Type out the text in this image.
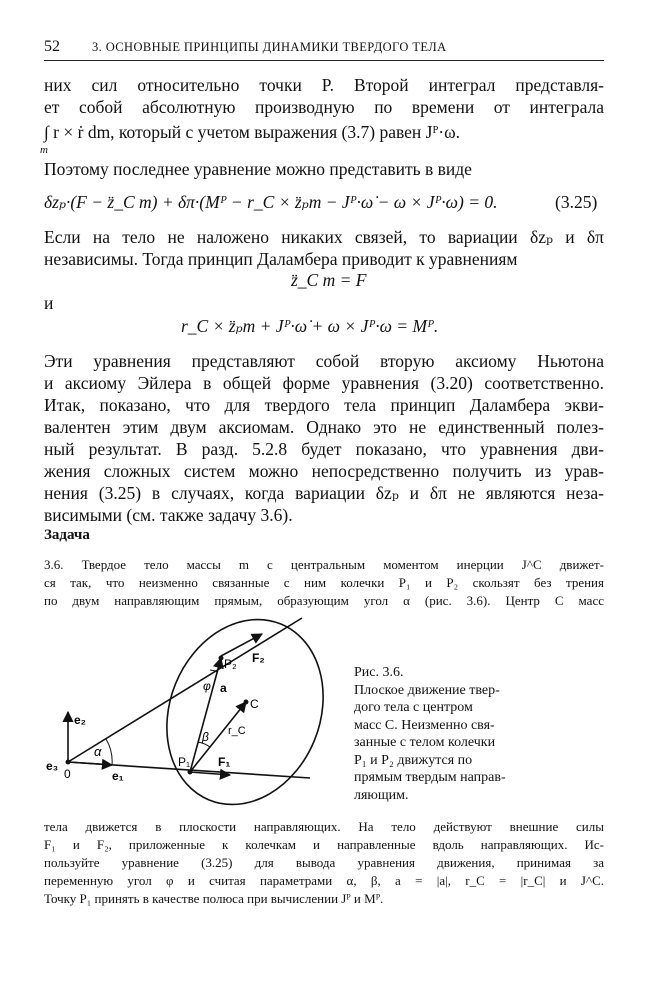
52	3. ОСНОВНЫЕ ПРИНЦИПЫ ДИНАМИКИ ТВЕРДОГО ТЕЛА
них сил относительно точки P. Второй интеграл представля-
ет собой абсолютную производную по времени от интеграла
∫ r × ṙ dm, который с учетом выражения (3.7) равен Jᴾ·ω.
m
Поэтому последнее уравнение можно представить в виде
δzₚ·(F − z̈_C m) + δπ·(Mᴾ − r_C × z̈ₚm − Jᴾ·ω̇ − ω × Jᴾ·ω) = 0.	(3.25)
Если на тело не наложено никаких связей, то вариации δzₚ и δπ
независимы. Тогда принцип Даламбера приводит к уравнениям
z̈_C m = F
и
r_C × z̈ₚm + Jᴾ·ω̇ + ω × Jᴾ·ω = Mᴾ.
Эти уравнения представляют собой вторую аксиому Ньютона
и аксиому Эйлера в общей форме уравнения (3.20) соответственно.
Итак, показано, что для твердого тела принцип Даламбера экви-
валентен этим двум аксиомам. Однако это не единственный полез-
ный результат. В разд. 5.2.8 будет показано, что уравнения дви-
жения сложных систем можно непосредственно получить из урав-
нения (3.25) в случаях, когда вариации δzₚ и δπ не являются неза-
висимыми (см. также задачу 3.6).
Задача
3.6. Твердое тело массы m с центральным моментом инерции J^C движет-
ся так, что неизменно связанные с ним колечки P₁ и P₂ скользят без трения
по двум направляющим прямым, образующим угол α (рис. 3.6). Центр C масс
e₂
e₃
0	e₁
α
P₁ F₁
P₂ F₂
φ a
β
C
r_C
Рис. 3.6.
Плоское движение твер-
дого тела с центром
масс C. Неизменно свя-
занные с телом колечки
P₁ и P₂ движутся по
прямым твердым направ-
ляющим.
тела движется в плоскости направляющих. На тело действуют внешние силы
F₁ и F₂, приложенные к колечкам и направленные вдоль направляющих. Ис-
пользуйте уравнение (3.25) для вывода уравнения движения, принимая за
переменную угол φ и считая параметрами α, β, a = |a|, r_C = |r_C| и J^C.
Точку P₁ принять в качестве полюса при вычислении Jᴾ и Mᴾ.
